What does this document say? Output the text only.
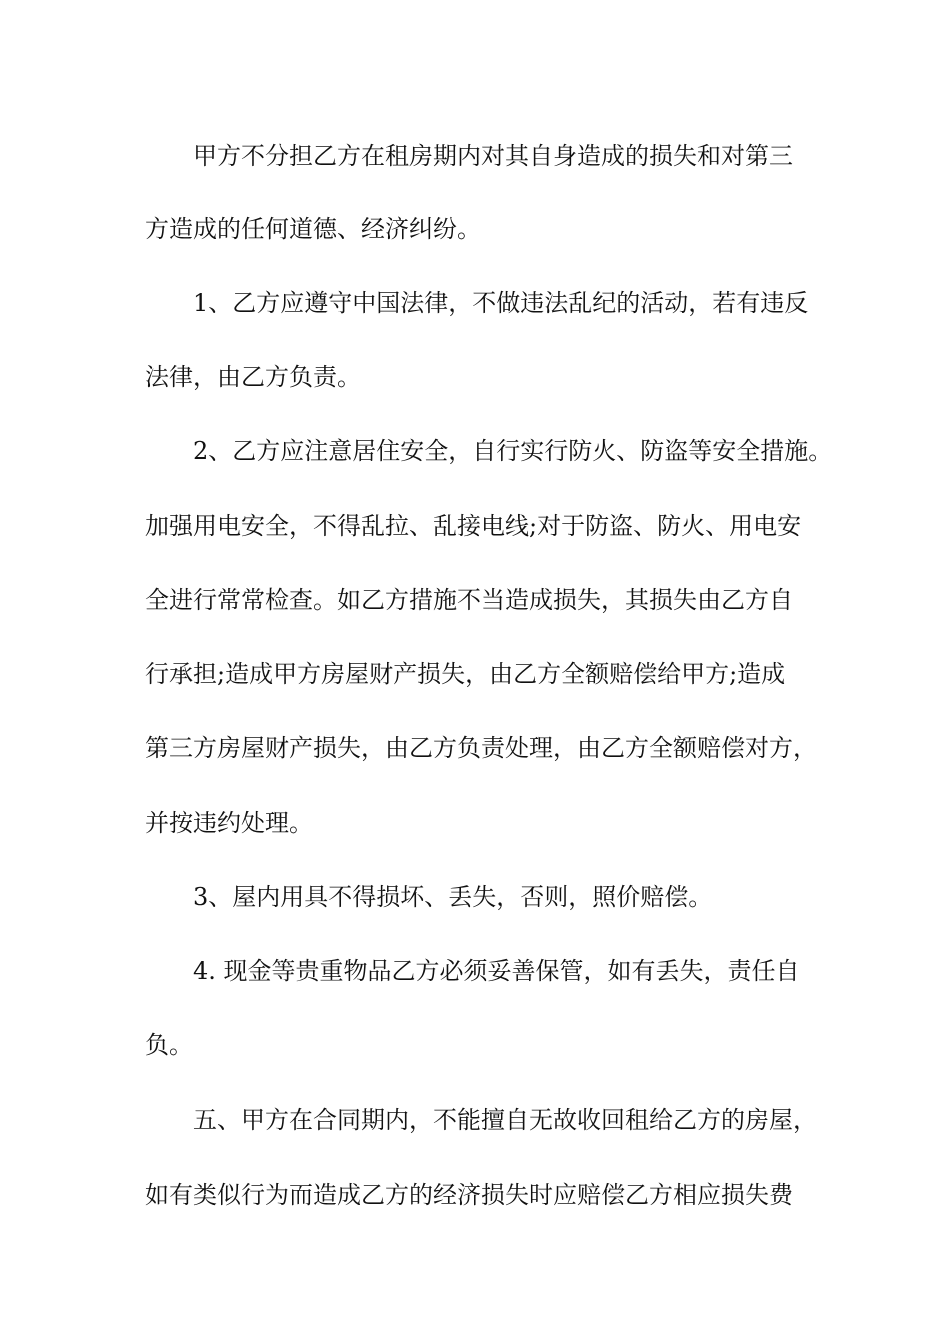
甲方不分担乙方在租房期内对其自身造成的损失和对第三
方造成的任何道德、经济纠纷。
1、乙方应遵守中国法律，不做违法乱纪的活动，若有违反
法律，由乙方负责。
2、乙方应注意居住安全，自行实行防火、防盗等安全措施。
加强用电安全，不得乱拉、乱接电线;对于防盗、防火、用电安
全进行常常检查。如乙方措施不当造成损失，其损失由乙方自
行承担;造成甲方房屋财产损失，由乙方全额赔偿给甲方;造成
第三方房屋财产损失，由乙方负责处理，由乙方全额赔偿对方，
并按违约处理。
3、屋内用具不得损坏、丢失，否则，照价赔偿。
4. 现金等贵重物品乙方必须妥善保管，如有丢失，责任自
负。
五、甲方在合同期内，不能擅自无故收回租给乙方的房屋，
如有类似行为而造成乙方的经济损失时应赔偿乙方相应损失费
